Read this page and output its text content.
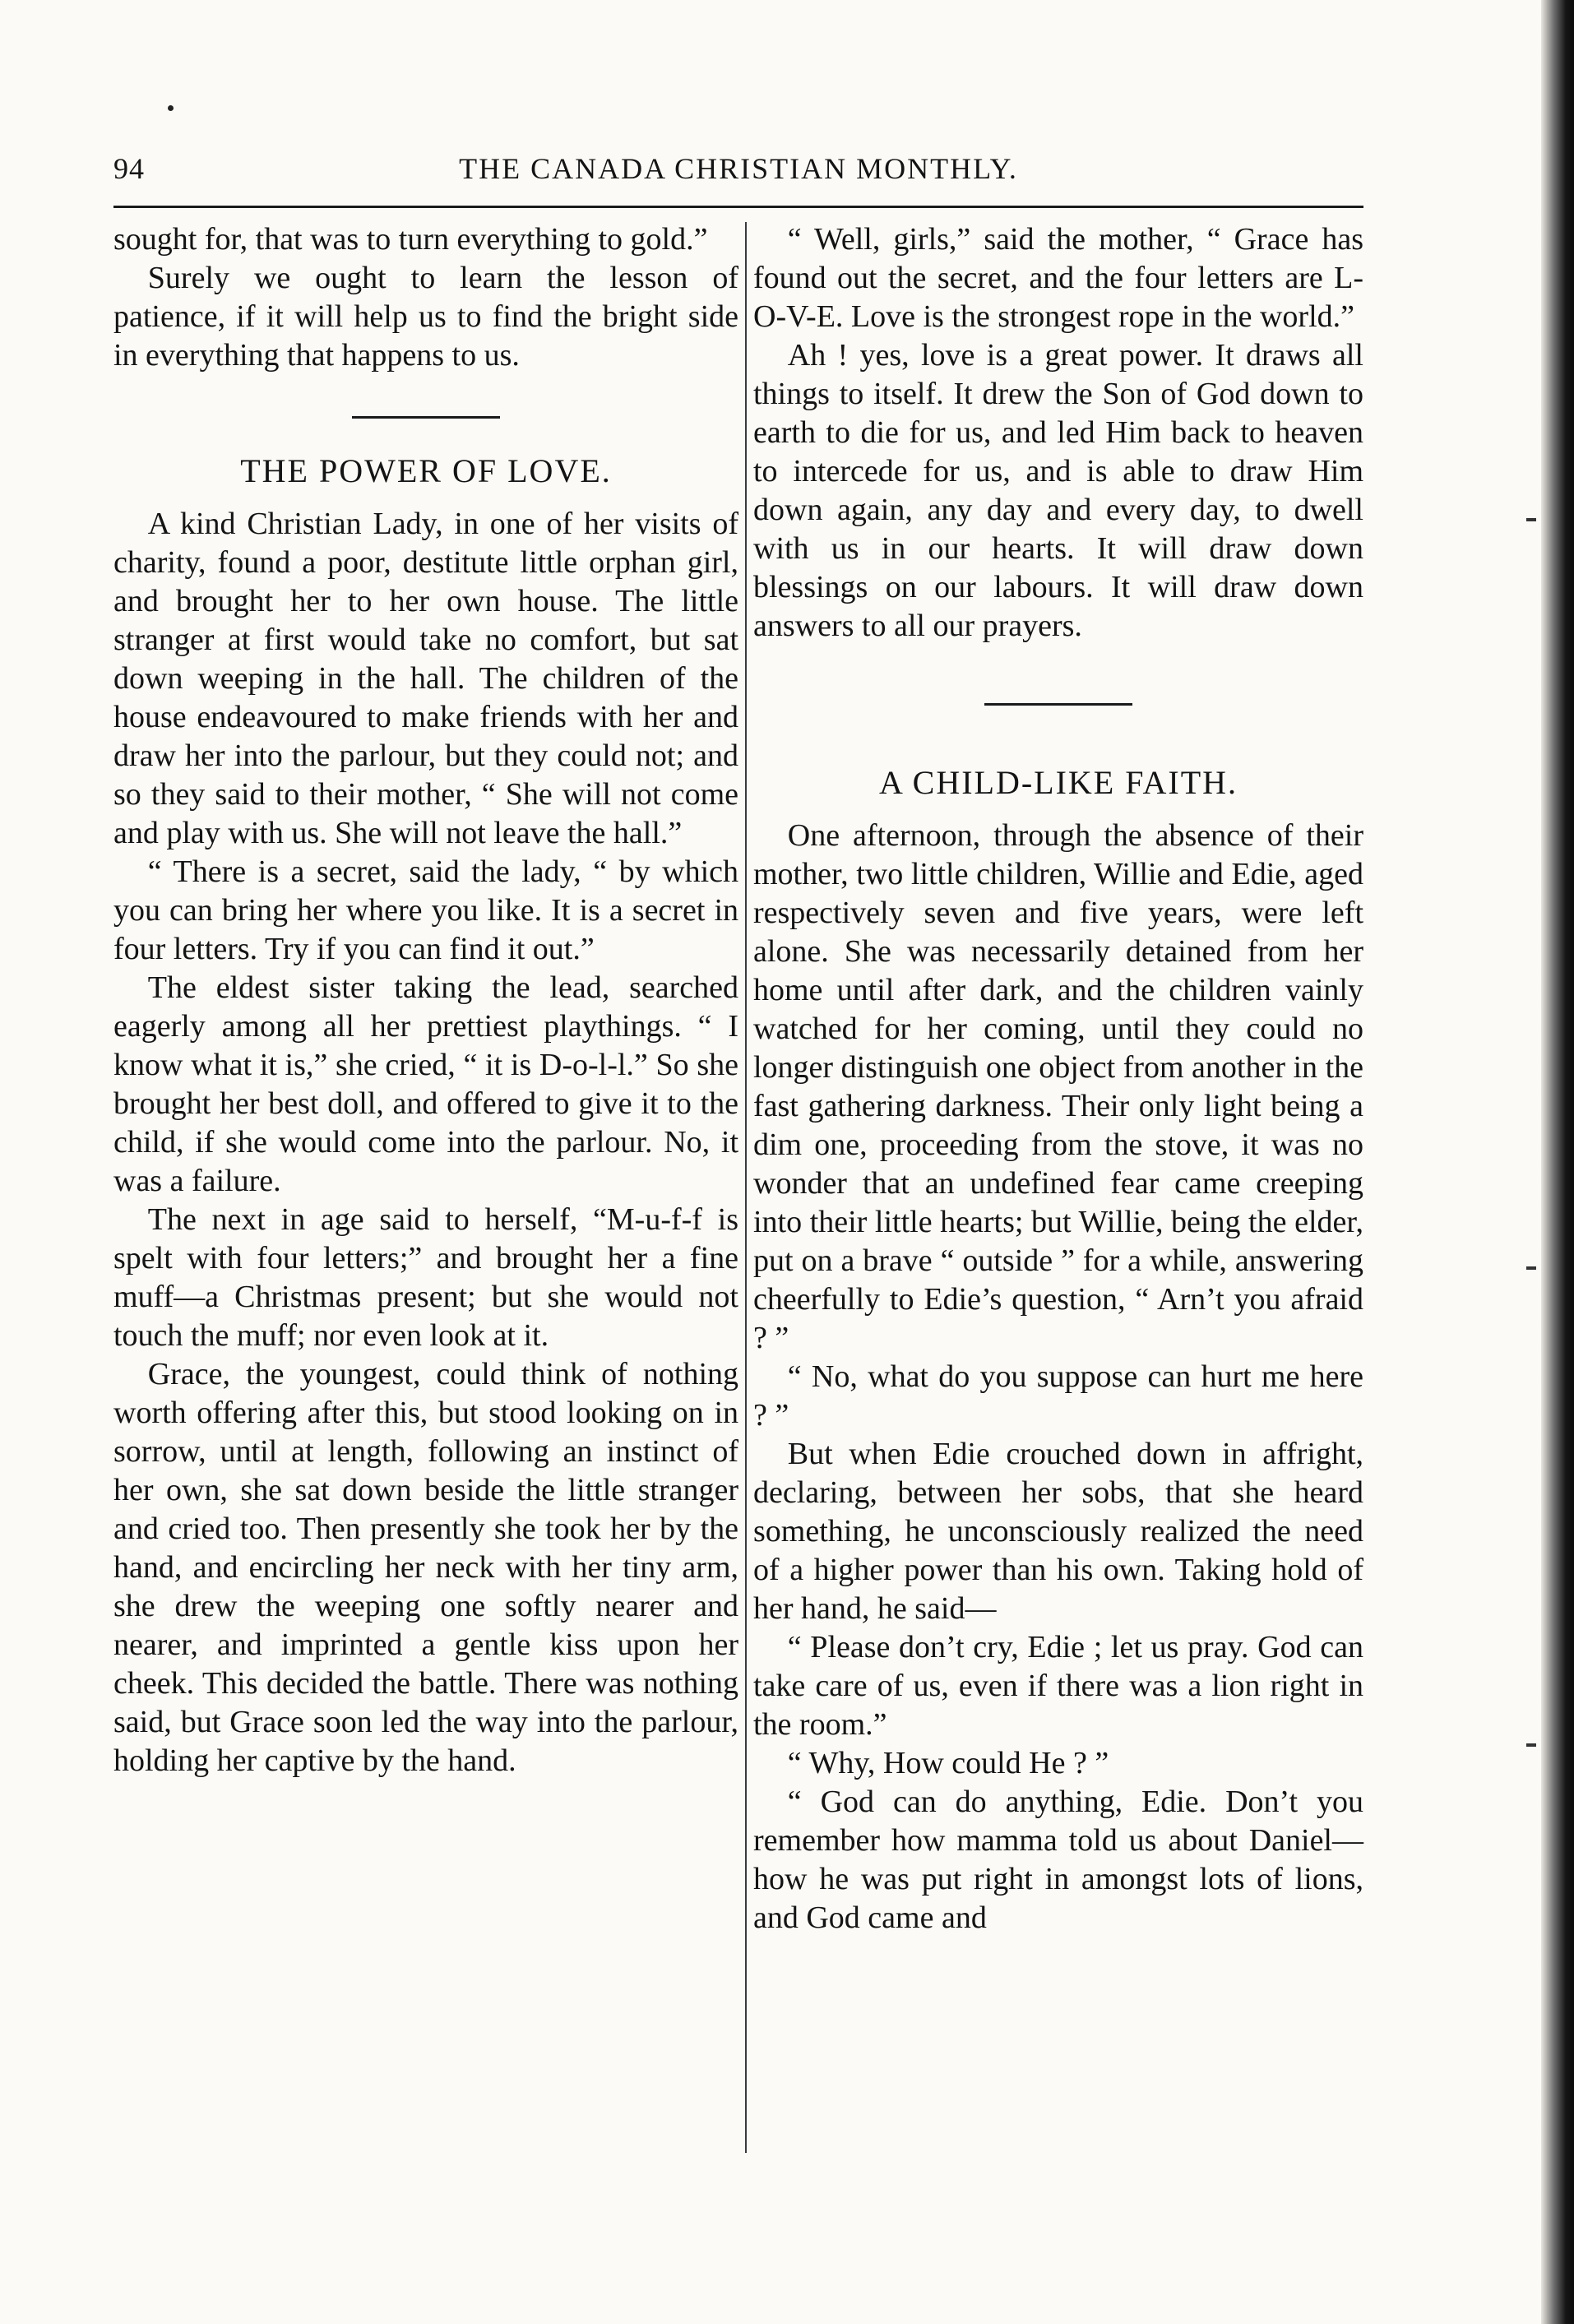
94	THE CANADA CHRISTIAN MONTHLY.

sought for, that was to turn everything to gold.”

Surely we ought to learn the lesson of patience, if it will help us to find the bright side in everything that happens to us.

THE POWER OF LOVE.

A kind Christian Lady, in one of her visits of charity, found a poor, destitute little orphan girl, and brought her to her own house. The little stranger at first would take no comfort, but sat down weeping in the hall. The children of the house endeavoured to make friends with her and draw her into the parlour, but they could not; and so they said to their mother, “ She will not come and play with us. She will not leave the hall.”

“ There is a secret, said the lady, “ by which you can bring her where you like. It is a secret in four letters. Try if you can find it out.”

The eldest sister taking the lead, searched eagerly among all her prettiest playthings. “ I know what it is,” she cried, “ it is D-o-l-l.” So she brought her best doll, and offered to give it to the child, if she would come into the parlour. No, it was a failure.

The next in age said to herself, “M-u-f-f is spelt with four letters;” and brought her a fine muff—a Christmas present; but she would not touch the muff; nor even look at it.

Grace, the youngest, could think of nothing worth offering after this, but stood looking on in sorrow, until at length, following an instinct of her own, she sat down beside the little stranger and cried too. Then presently she took her by the hand, and encircling her neck with her tiny arm, she drew the weeping one softly nearer and nearer, and imprinted a gentle kiss upon her cheek. This decided the battle. There was nothing said, but Grace soon led the way into the parlour, holding her captive by the hand.

“ Well, girls,” said the mother, “ Grace has found out the secret, and the four letters are L-O-V-E. Love is the strongest rope in the world.”

Ah ! yes, love is a great power. It draws all things to itself. It drew the Son of God down to earth to die for us, and led Him back to heaven to intercede for us, and is able to draw Him down again, any day and every day, to dwell with us in our hearts. It will draw down blessings on our labours. It will draw down answers to all our prayers.

A CHILD-LIKE FAITH.

One afternoon, through the absence of their mother, two little children, Willie and Edie, aged respectively seven and five years, were left alone. She was necessarily detained from her home until after dark, and the children vainly watched for her coming, until they could no longer distinguish one object from another in the fast gathering darkness. Their only light being a dim one, proceeding from the stove, it was no wonder that an undefined fear came creeping into their little hearts; but Willie, being the elder, put on a brave “ outside ” for a while, answering cheerfully to Edie’s question, “ Arn’t you afraid ? ”

“ No, what do you suppose can hurt me here ? ”

But when Edie crouched down in affright, declaring, between her sobs, that she heard something, he unconsciously realized the need of a higher power than his own. Taking hold of her hand, he said—

“ Please don’t cry, Edie ; let us pray. God can take care of us, even if there was a lion right in the room.”

“ Why, How could He ? ”

“ God can do anything, Edie. Don’t you remember how mamma told us about Daniel—how he was put right in amongst lots of lions, and God came and
